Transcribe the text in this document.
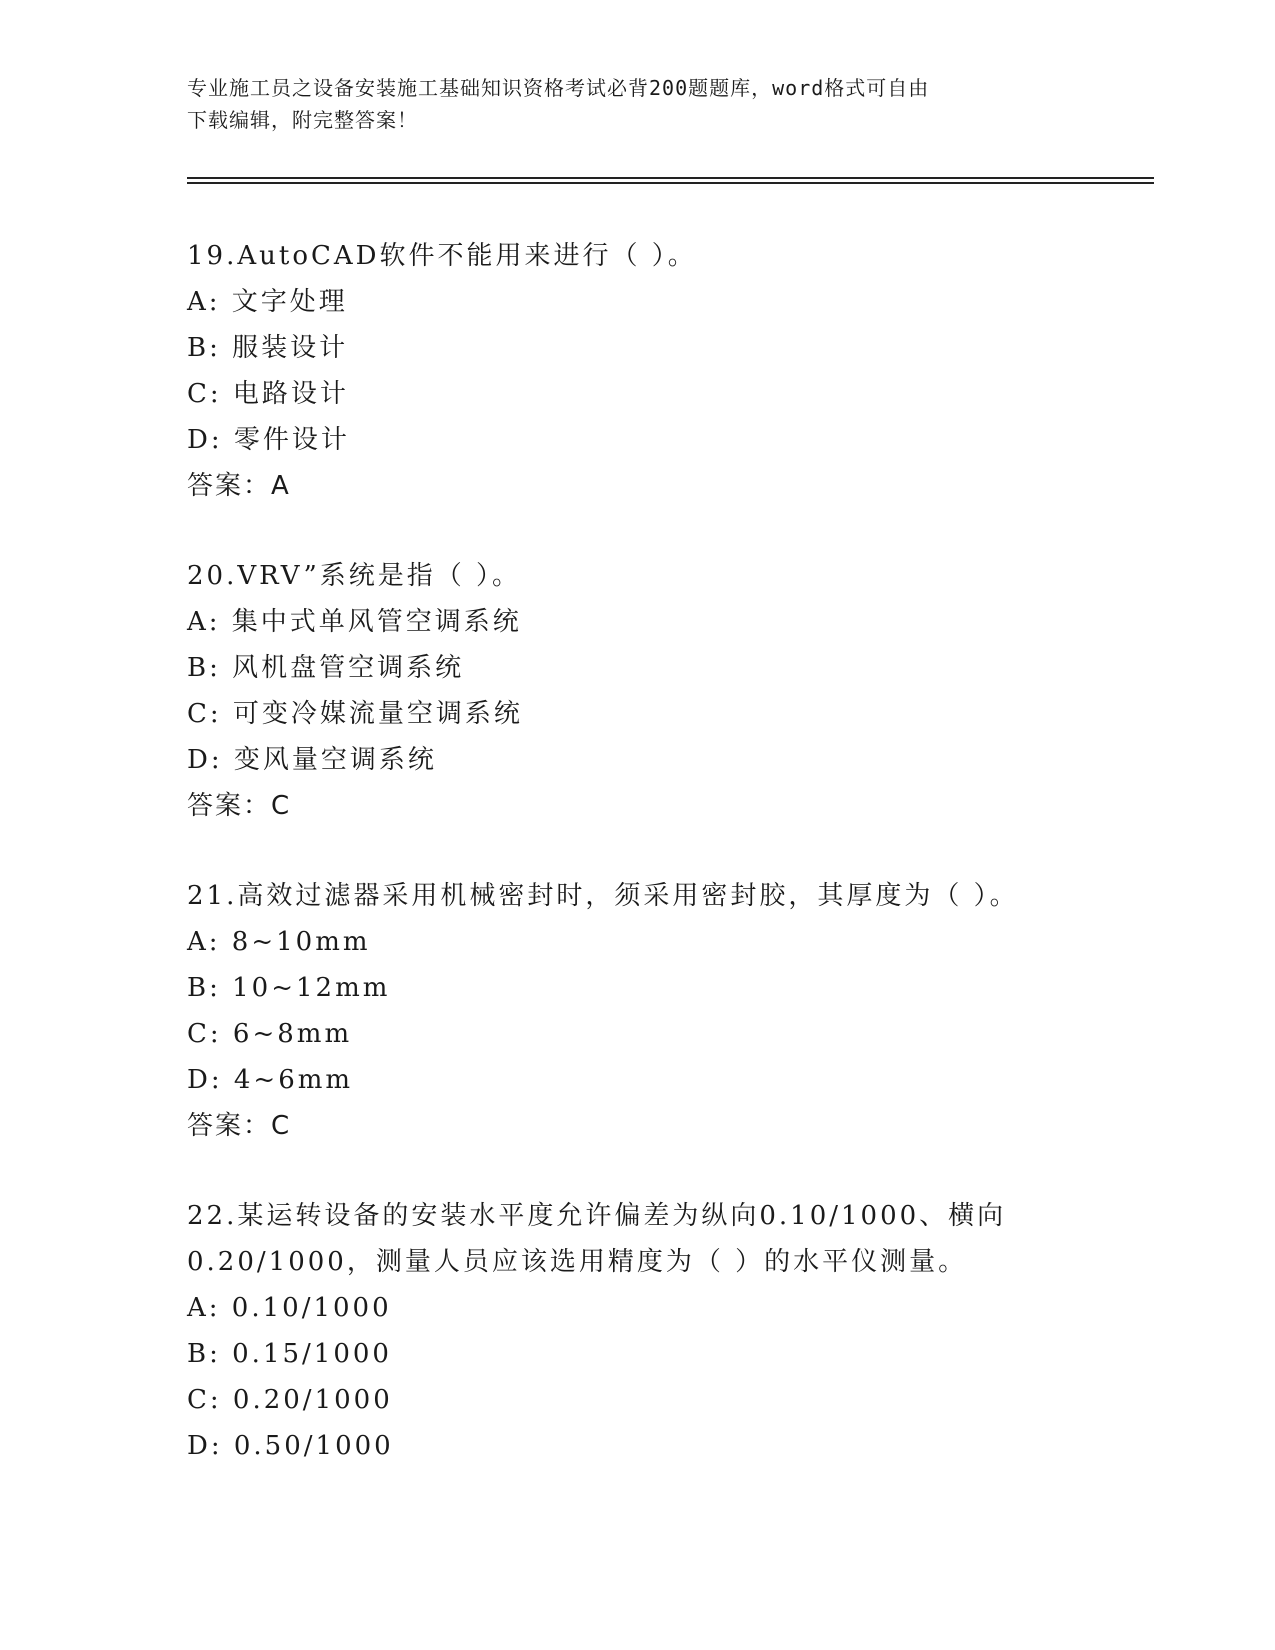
专业施工员之设备安装施工基础知识资格考试必背200题题库，word格式可自由
下载编辑，附完整答案！
19.AutoCAD软件不能用来进行（ ）。
A: 文字处理
B: 服装设计
C: 电路设计
D: 零件设计
答案：A
20.VRV”系统是指（ ）。
A: 集中式单风管空调系统
B: 风机盘管空调系统
C: 可变冷媒流量空调系统
D: 变风量空调系统
答案：C
21.高效过滤器采用机械密封时，须采用密封胶，其厚度为（ ）。
A: 8~10mm
B: 10~12mm
C: 6~8mm
D: 4~6mm
答案：C
22.某运转设备的安装水平度允许偏差为纵向0.10/1000、横向
0.20/1000，测量人员应该选用精度为（ ）的水平仪测量。
A: 0.10/1000
B: 0.15/1000
C: 0.20/1000
D: 0.50/1000
